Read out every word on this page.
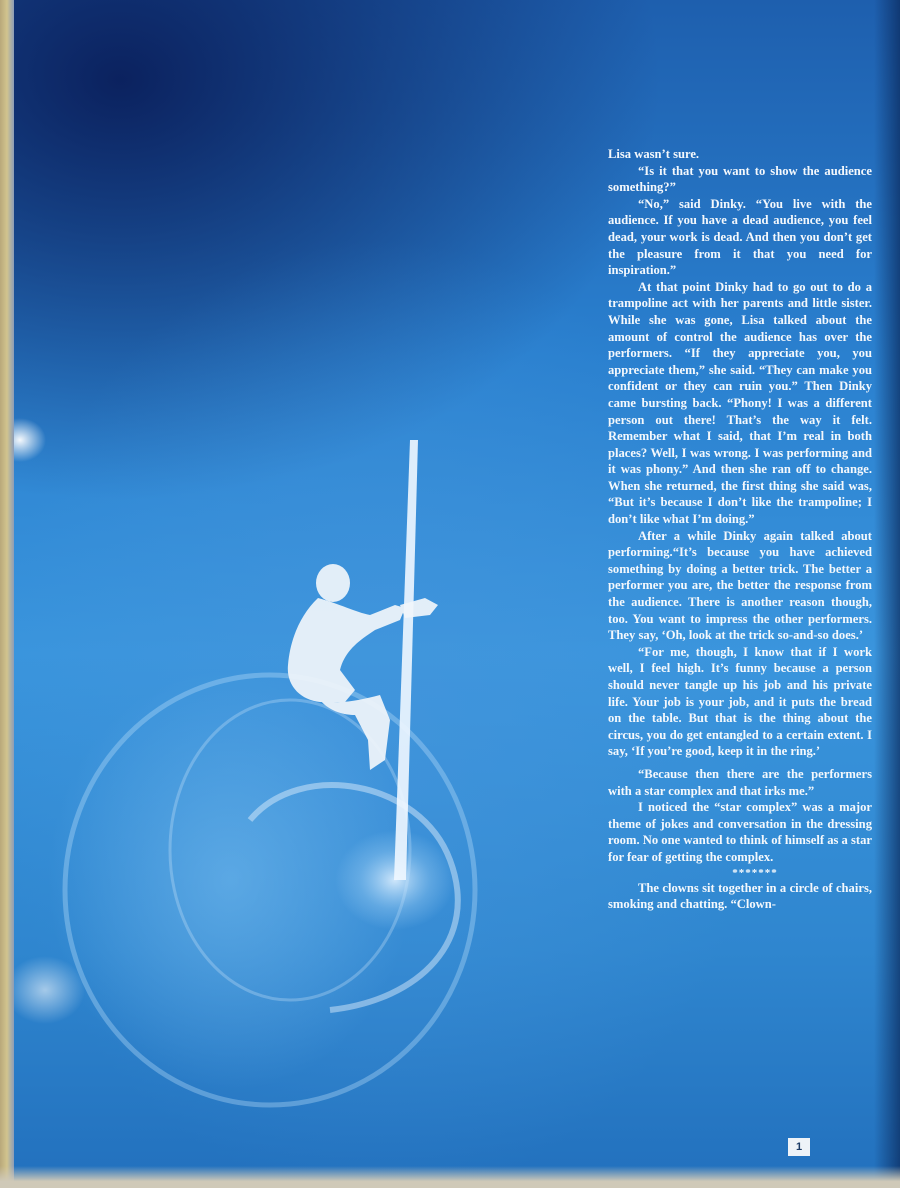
Lisa wasn’t sure.

“Is it that you want to show the audience something?”

“No,” said Dinky. “You live with the audience. If you have a dead audience, you feel dead, your work is dead. And then you don’t get the pleasure from it that you need for inspiration.”

At that point Dinky had to go out to do a trampoline act with her parents and little sister. While she was gone, Lisa talked about the amount of control the audience has over the performers. “If they appreciate you, you appreciate them,” she said. “They can make you confident or they can ruin you.” Then Dinky came bursting back. “Phony! I was a different person out there! That’s the way it felt. Remember what I said, that I’m real in both places? Well, I was wrong. I was performing and it was phony.” And then she ran off to change. When she returned, the first thing she said was, “But it’s because I don’t like the trampoline; I don’t like what I’m doing.”

After a while Dinky again talked about performing.“It’s because you have achieved something by doing a better trick. The better a performer you are, the better the response from the audience. There is another reason though, too. You want to impress the other performers. They say, ‘Oh, look at the trick so-and-so does.’

“For me, though, I know that if I work well, I feel high. It’s funny because a person should never tangle up his job and his private life. Your job is your job, and it puts the bread on the table. But that is the thing about the circus, you do get entangled to a certain extent. I say, ‘If you’re good, keep it in the ring.’

“Because then there are the performers with a star complex and that irks me.”

I noticed the “star complex” was a major theme of jokes and conversation in the dressing room. No one wanted to think of himself as a star for fear of getting the complex.

*******

The clowns sit together in a circle of chairs, smoking and chatting. “Clown-

1
